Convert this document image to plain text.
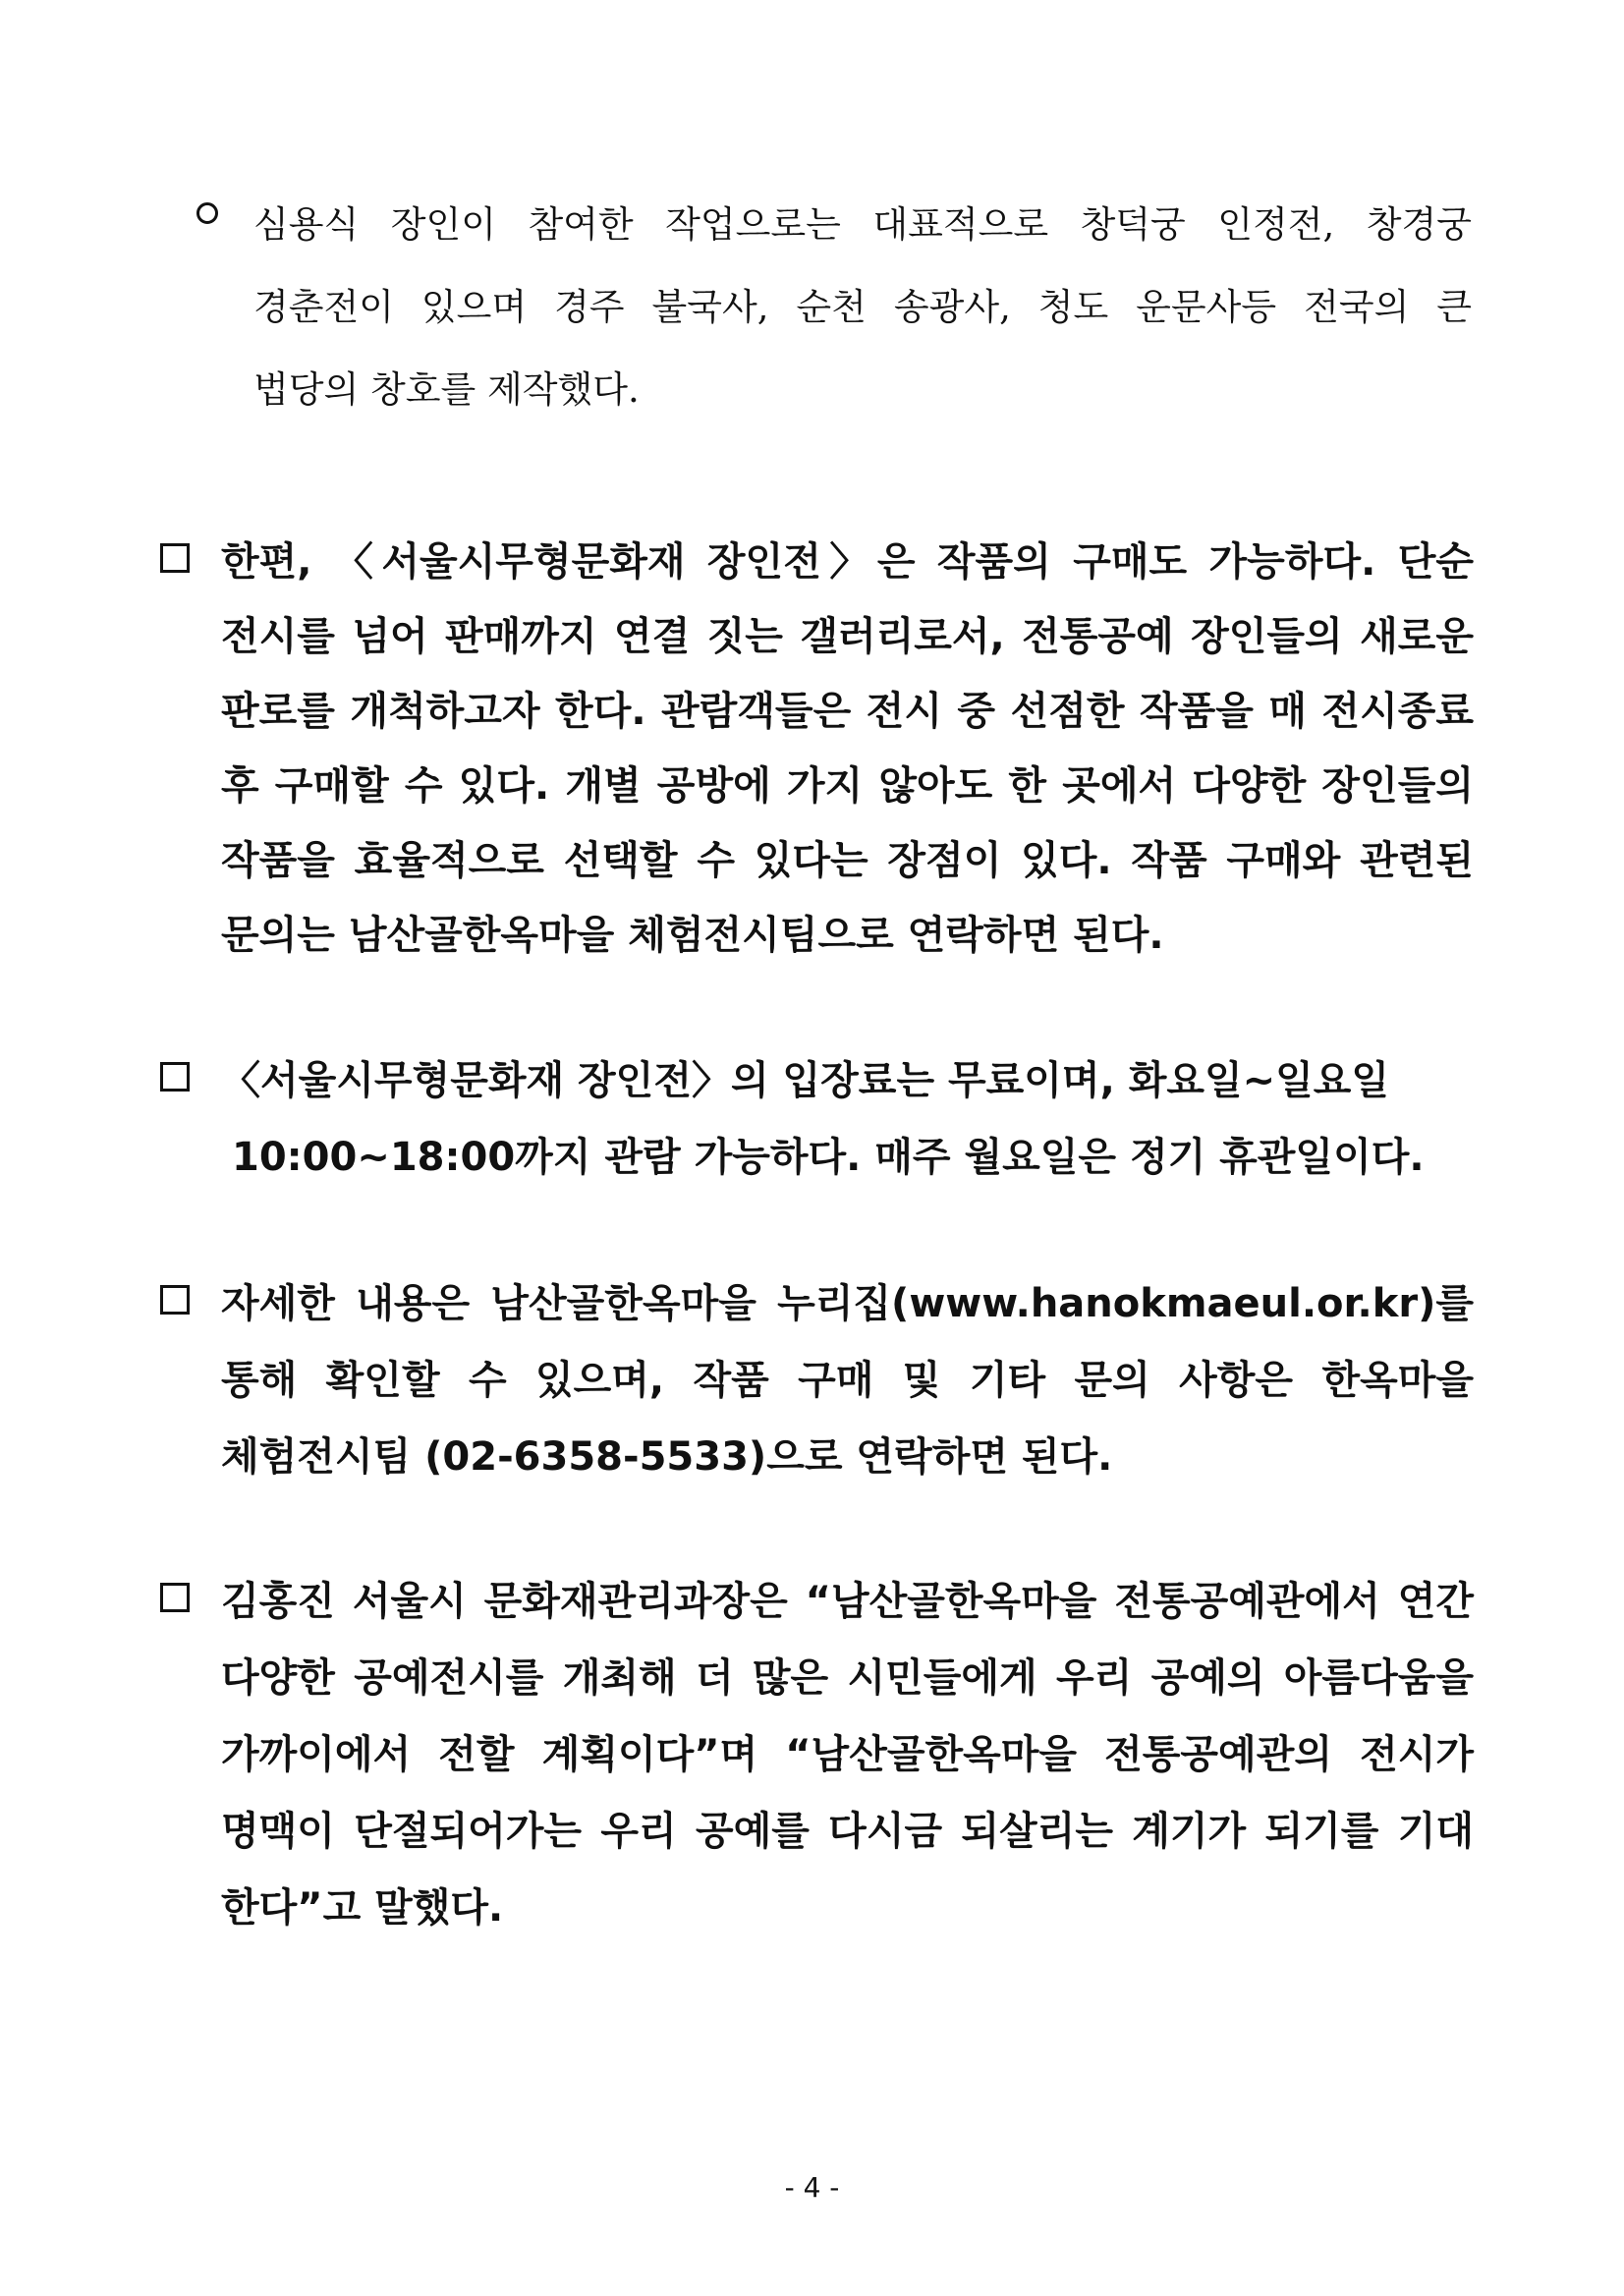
심용식 장인이 참여한 작업으로는 대표적으로 창덕궁 인정전, 창경궁
경춘전이 있으며 경주 불국사, 순천 송광사, 청도 운문사등 전국의 큰
법당의 창호를 제작했다.
한편, 〈서울시무형문화재 장인전〉은 작품의 구매도 가능하다. 단순
전시를 넘어 판매까지 연결 짓는 갤러리로서, 전통공예 장인들의 새로운
판로를 개척하고자 한다. 관람객들은 전시 중 선점한 작품을 매 전시종료
후 구매할 수 있다. 개별 공방에 가지 않아도 한 곳에서 다양한 장인들의
작품을 효율적으로 선택할 수 있다는 장점이 있다. 작품 구매와 관련된
문의는 남산골한옥마을 체험전시팀으로 연락하면 된다.
〈서울시무형문화재 장인전〉의 입장료는 무료이며, 화요일~일요일
10:00~18:00까지 관람 가능하다. 매주 월요일은 정기 휴관일이다.
자세한 내용은 남산골한옥마을 누리집(www.hanokmaeul.or.kr)를
통해 확인할 수 있으며, 작품 구매 및 기타 문의 사항은 한옥마을
체험전시팀 (02-6358-5533)으로 연락하면 된다.
김홍진 서울시 문화재관리과장은 “남산골한옥마을 전통공예관에서 연간
다양한 공예전시를 개최해 더 많은 시민들에게 우리 공예의 아름다움을
가까이에서 전할 계획이다”며 “남산골한옥마을 전통공예관의 전시가
명맥이 단절되어가는 우리 공예를 다시금 되살리는 계기가 되기를 기대
한다”고 말했다.
- 4 -
